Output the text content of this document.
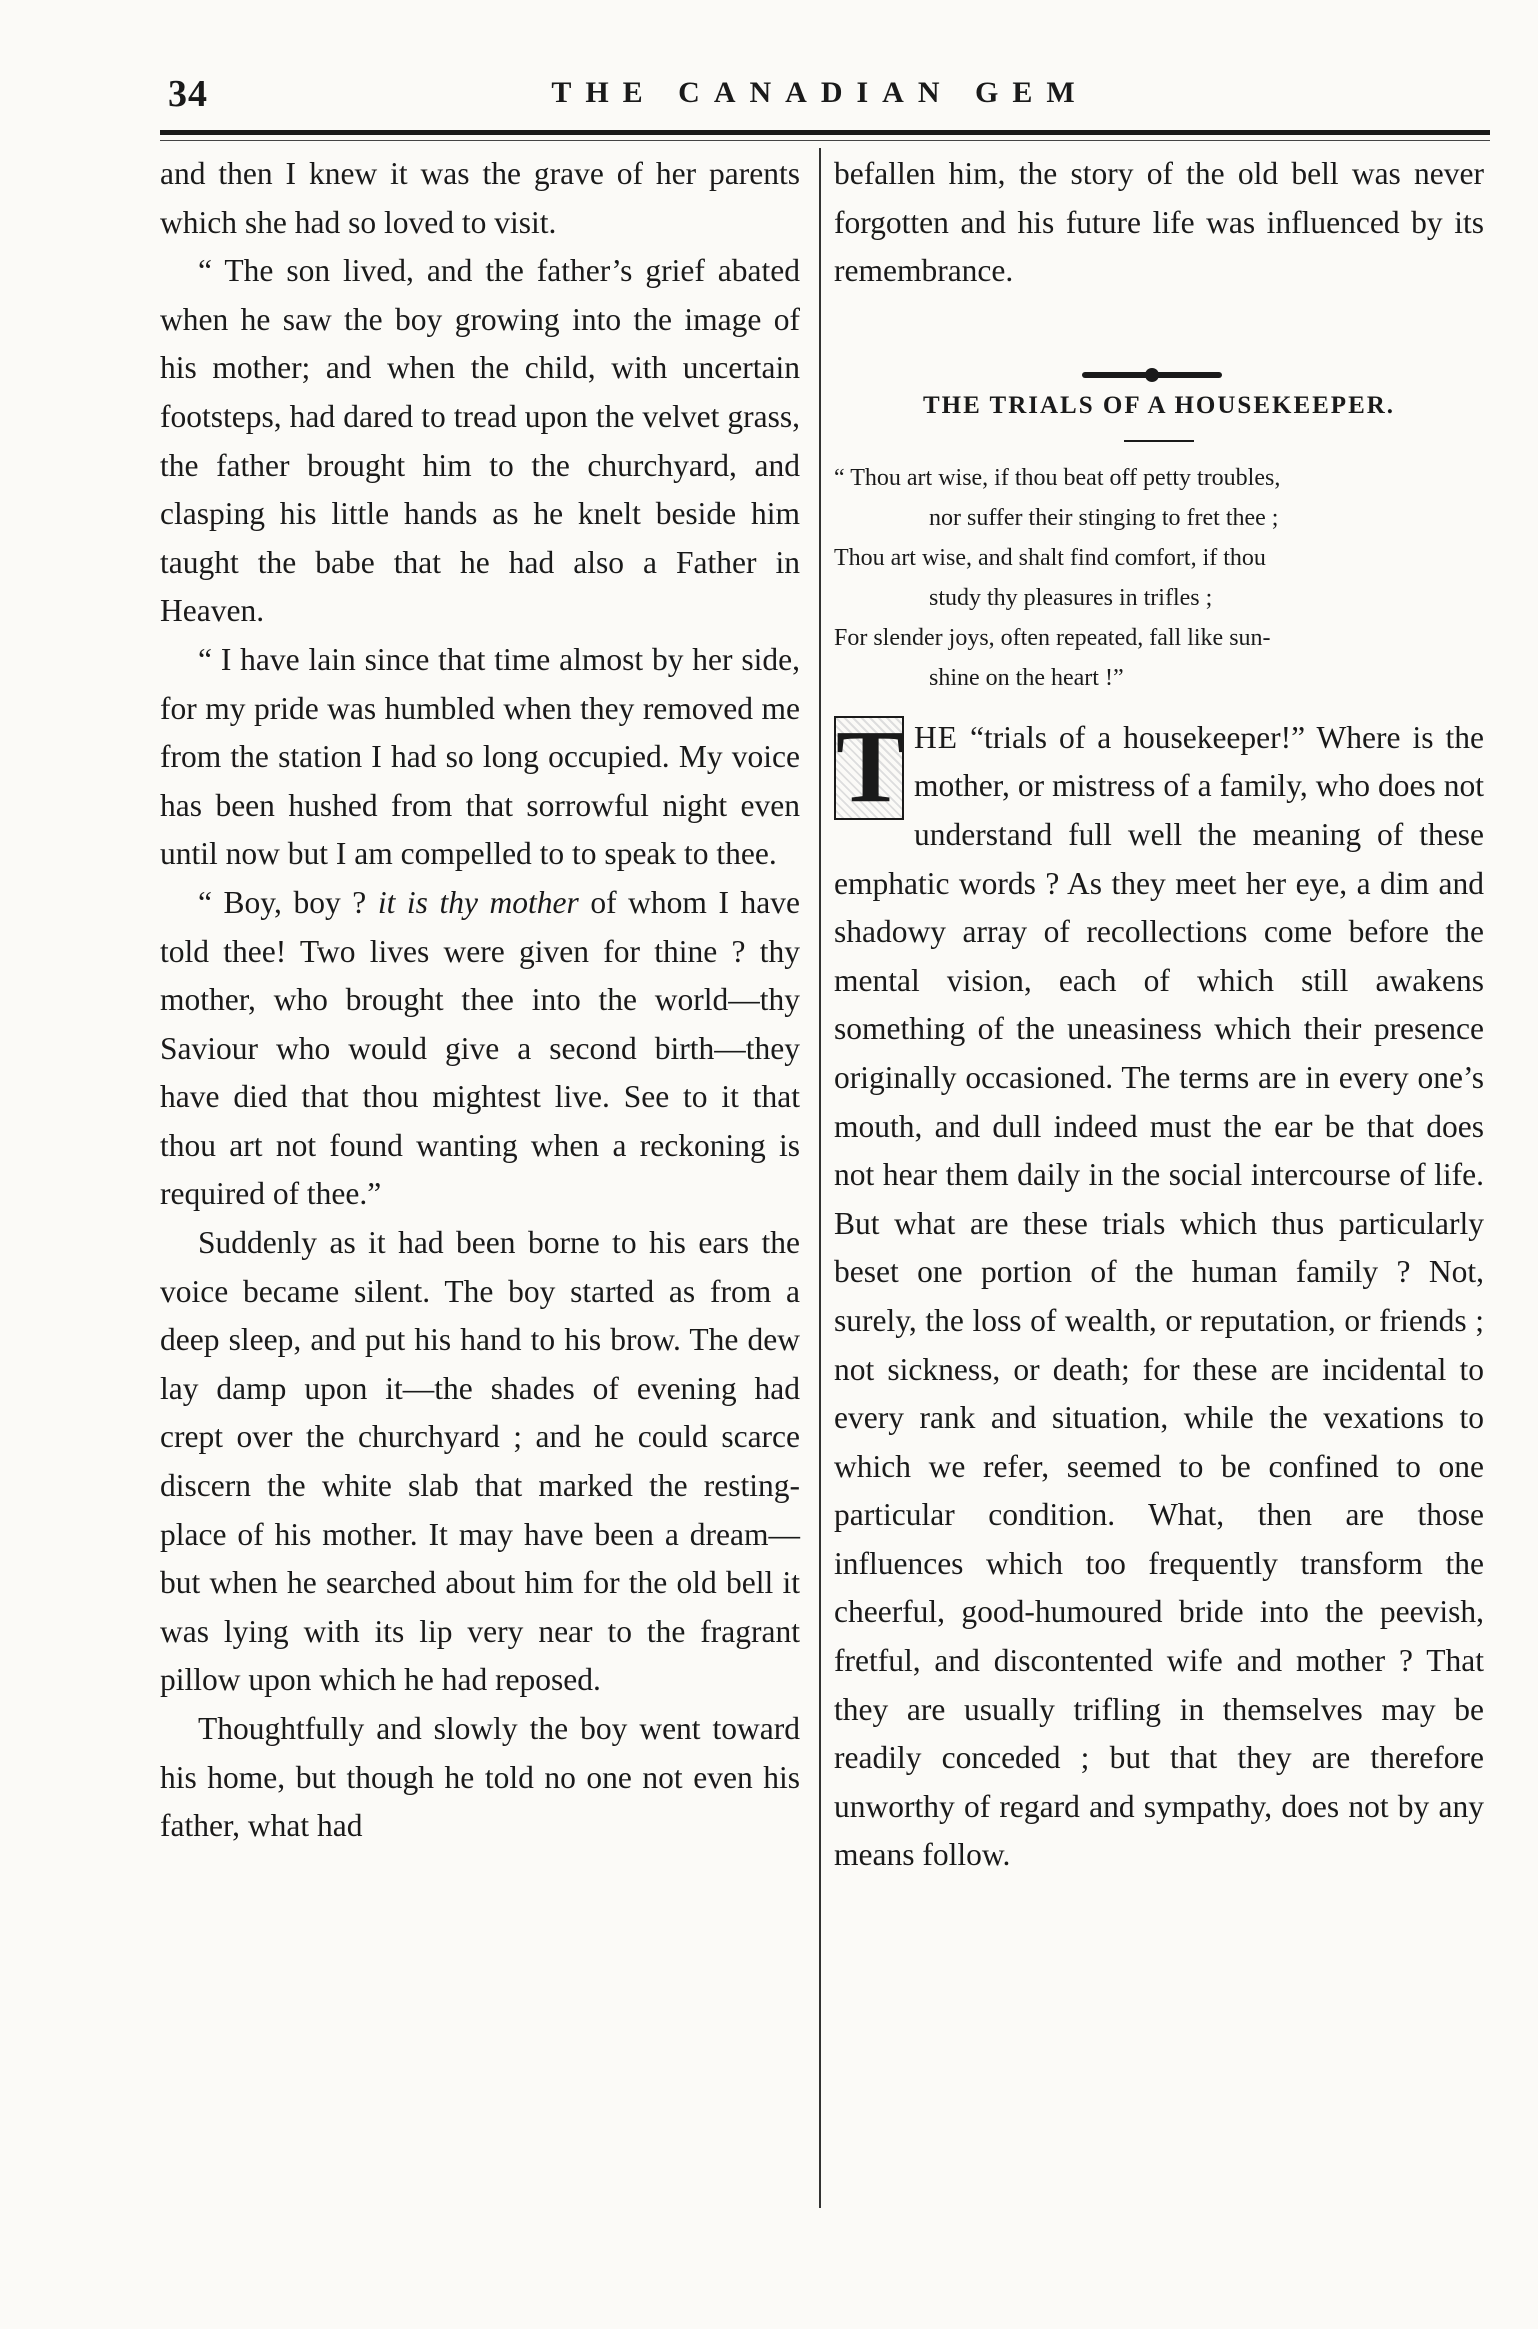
34	THE CANADIAN GEM

and then I knew it was the grave of her parents which she had so loved to visit.

“ The son lived, and the father’s grief abated when he saw the boy growing into the image of his mother; and when the child, with uncertain footsteps, had dared to tread upon the velvet grass, the father brought him to the churchyard, and clasping his little hands as he knelt beside him taught the babe that he had also a Father in Heaven.

“ I have lain since that time almost by her side, for my pride was humbled when they removed me from the station I had so long occupied. My voice has been hushed from that sorrowful night even until now but I am compelled to to speak to thee.

“ Boy, boy ? it is thy mother of whom I have told thee! Two lives were given for thine ? thy mother, who brought thee into the world—thy Saviour who would give a second birth—they have died that thou mightest live. See to it that thou art not found wanting when a reckoning is required of thee.”

Suddenly as it had been borne to his ears the voice became silent. The boy started as from a deep sleep, and put his hand to his brow. The dew lay damp upon it—the shades of evening had crept over the churchyard ; and he could scarce discern the white slab that marked the resting-place of his mother. It may have been a dream—but when he searched about him for the old bell it was lying with its lip very near to the fragrant pillow upon which he had reposed.

Thoughtfully and slowly the boy went toward his home, but though he told no one not even his father, what had

befallen him, the story of the old bell was never forgotten and his future life was influenced by its remembrance.

THE TRIALS OF A HOUSEKEEPER.
“ Thou art wise, if thou beat off petty troubles,
nor suffer their stinging to fret thee ;
Thou art wise, and shalt find comfort, if thou
study thy pleasures in trifles ;
For slender joys, often repeated, fall like sun-
shine on the heart !”
T HE “trials of a housekeeper!” Where is the mother, or mistress of a family, who does not understand full well the meaning of these emphatic words ? As they meet her eye, a dim and shadowy array of recollections come before the mental vision, each of which still awakens something of the uneasiness which their presence originally occasioned. The terms are in every one’s mouth, and dull indeed must the ear be that does not hear them daily in the social intercourse of life. But what are these trials which thus particularly beset one portion of the human family ? Not, surely, the loss of wealth, or reputation, or friends ; not sickness, or death; for these are incidental to every rank and situation, while the vexations to which we refer, seemed to be confined to one particular condition. What, then are those influences which too frequently transform the cheerful, good-humoured bride into the peevish, fretful, and discontented wife and mother ? That they are usually trifling in themselves may be readily conceded ; but that they are therefore unworthy of regard and sympathy, does not by any means follow.
